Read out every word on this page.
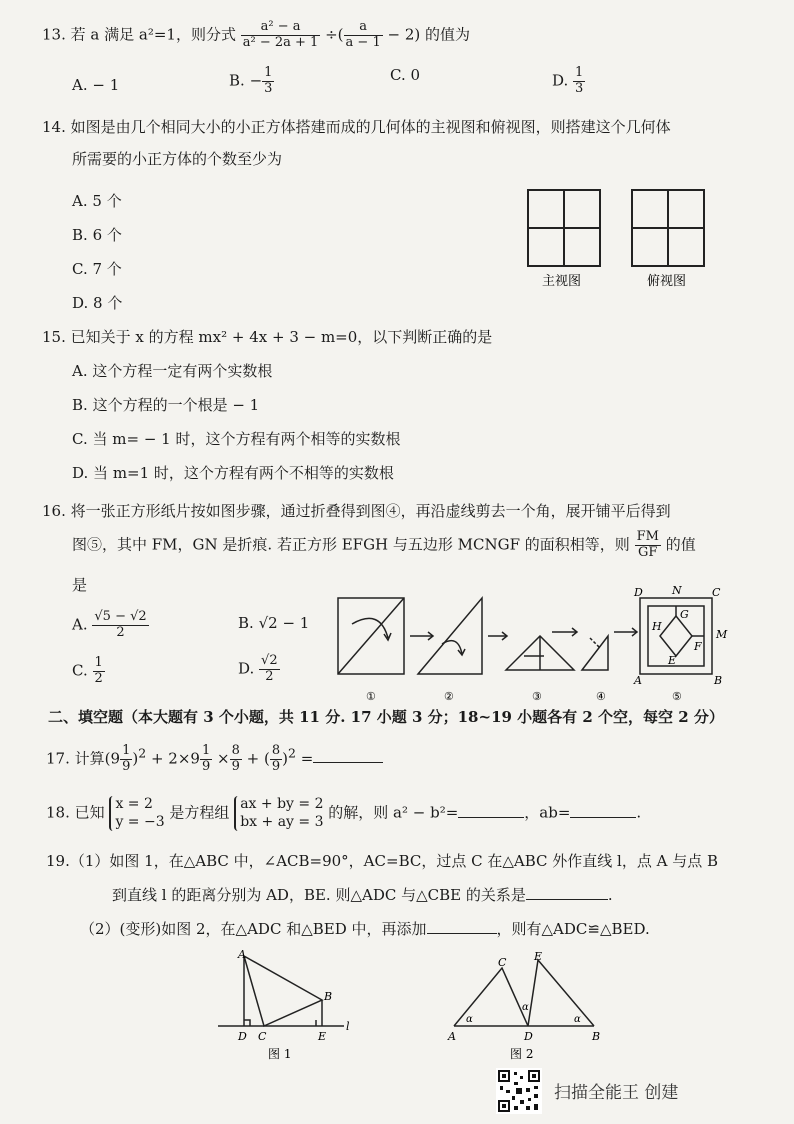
13. 若 a 满足 a²=1，则分式 $\frac{\text{a² − a}}{\text{a² − 2a + 1}}$ ÷( $\frac{a}{a - 1} - 2$) 的值为
A. − 1	B. − $\frac{1}{3}$	C. 0	D. $\frac{1}{3}$
14. 如图是由几个相同大小的小正方体搭建而成的几何体的主视图和俯视图，则搭建这个几何体
所需要的小正方体的个数至少为
A. 5 个
B. 6 个
C. 7 个
D. 8 个
主视图	俯视图
15. 已知关于 x 的方程 mx² + 4x + 3 − m=0，以下判断正确的是
A. 这个方程一定有两个实数根
B. 这个方程的一个根是 − 1
C. 当 m= − 1 时，这个方程有两个相等的实数根
D. 当 m=1 时，这个方程有两个不相等的实数根
16. 将一张正方形纸片按如图步骤，通过折叠得到图④，再沿虚线剪去一个角，展开铺平后得到
图⑤，其中 FM，GN 是折痕. 若正方形 EFGH 与五边形 MCNGF 的面积相等，则 $\frac{FM}{GF}$ 的值
是
A. $\frac{√5 - √2}{2}$	B. √2 − 1
C. $\frac{1}{2}$	D. $\frac{√2}{2}$
①	②	③	④	⑤
D	N	C
G
H
M
F
E
A	B
二、填空题（本大题有 3 个小题，共 11 分. 17 小题 3 分；18~19 小题各有 2 个空，每空 2 分）
17. 计算$(9 \frac{1}{9} )^2 + 2\times 9 \frac{1}{9} \times \frac{8}{9}$ + ( $\frac{8}{9} )^2$ =
18. 已知 x = 2
y = −3 是方程组 ax + by = 2
bx + ay = 3 的解，则 a² − b²=	，ab=	.
19.（1）如图 1，在△ABC 中，∠ACB=90°，AC=BC，过点 C 在△ABC 外作直线 l，点 A 与点 B
到直线 l 的距离分别为 AD，BE. 则△ADC 与△CBE 的关系是	.
（2）(变形)如图 2，在△ADC 和△BED 中，再添加	，则有△ADC≌△BED.
A
B
C
D	E
l
图 1
C	E
A	D	B
α
α
α
图 2
扫描全能王 创建
